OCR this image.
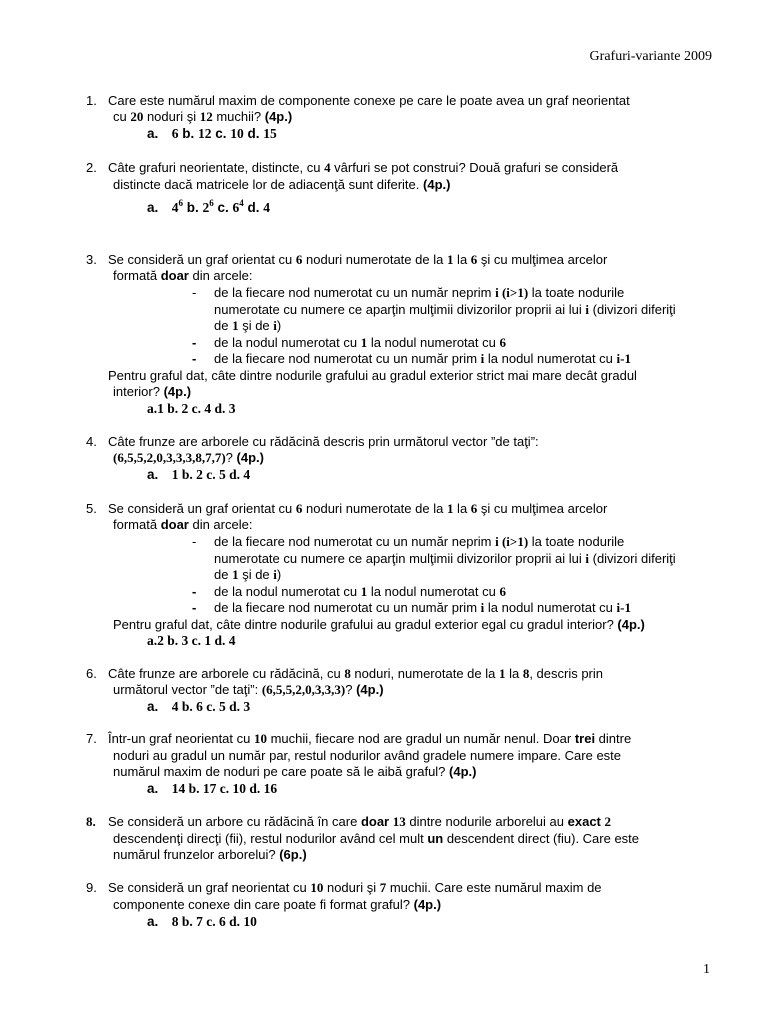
Grafuri-variante 2009
1. Care este numărul maxim de componente conexe pe care le poate avea un graf neorientat
cu 20 noduri şi 12 muchii? (4p.)
a. 6 b. 12 c. 10 d. 15
2. Câte grafuri neorientate, distincte, cu 4 vârfuri se pot construi? Două grafuri se consideră
distincte dacă matricele lor de adiacenţă sunt diferite. (4p.)
a. $4^6$ b. $2^6$ c. $6^4$ d. 4
3. Se consideră un graf orientat cu 6 noduri numerotate de la 1 la 6 şi cu mulţimea arcelor
formată doar din arcele:
- de la fiecare nod numerotat cu un număr neprim i (i>1) la toate nodurile
numerotate cu numere ce aparţin mulţimii divizorilor proprii ai lui i (divizori diferiţi
de 1 şi de i)
- de la nodul numerotat cu 1 la nodul numerotat cu 6
- de la fiecare nod numerotat cu un număr prim i la nodul numerotat cu i-1
Pentru graful dat, câte dintre nodurile grafului au gradul exterior strict mai mare decât gradul
interior? (4p.)
a.1 b. 2 c. 4 d. 3
4. Câte frunze are arborele cu rădăcină descris prin următorul vector ”de taţi”:
(6,5,5,2,0,3,3,3,8,7,7)? (4p.)
a. 1 b. 2 c. 5 d. 4
5. Se consideră un graf orientat cu 6 noduri numerotate de la 1 la 6 şi cu mulţimea arcelor
formată doar din arcele:
- de la fiecare nod numerotat cu un număr neprim i (i>1) la toate nodurile
numerotate cu numere ce aparţin mulţimii divizorilor proprii ai lui i (divizori diferiţi
de 1 şi de i)
- de la nodul numerotat cu 1 la nodul numerotat cu 6
- de la fiecare nod numerotat cu un număr prim i la nodul numerotat cu i-1
Pentru graful dat, câte dintre nodurile grafului au gradul exterior egal cu gradul interior? (4p.)
a.2 b. 3 c. 1 d. 4
6. Câte frunze are arborele cu rădăcină, cu 8 noduri, numerotate de la 1 la 8, descris prin
următorul vector ”de taţi”: (6,5,5,2,0,3,3,3)? (4p.)
a. 4 b. 6 c. 5 d. 3
7. Într-un graf neorientat cu 10 muchii, fiecare nod are gradul un număr nenul. Doar trei dintre
noduri au gradul un număr par, restul nodurilor având gradele numere impare. Care este
numărul maxim de noduri pe care poate să le aibă graful? (4p.)
a. 14 b. 17 c. 10 d. 16
8. Se consideră un arbore cu rădăcină în care doar 13 dintre nodurile arborelui au exact 2
descendenţi direcţi (fii), restul nodurilor având cel mult un descendent direct (fiu). Care este
numărul frunzelor arborelui? (6p.)
9. Se consideră un graf neorientat cu 10 noduri şi 7 muchii. Care este numărul maxim de
componente conexe din care poate fi format graful? (4p.)
a. 8 b. 7 c. 6 d. 10
1
